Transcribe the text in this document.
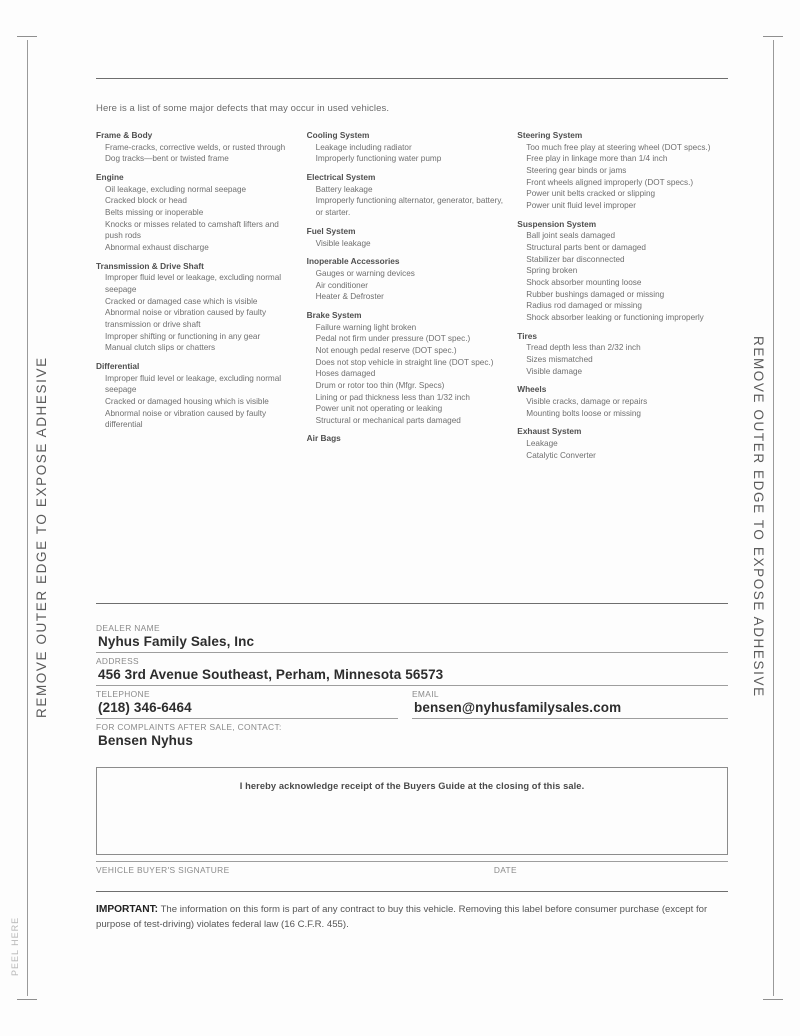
REMOVE OUTER EDGE TO EXPOSE ADHESIVE	REMOVE OUTER EDGE TO EXPOSE ADHESIVE
PEEL HERE
Here is a list of some major defects that may occur in used vehicles.
Frame & Body
Frame-cracks, corrective welds, or rusted through
Dog tracks—bent or twisted frame
Engine
Oil leakage, excluding normal seepage
Cracked block or head
Belts missing or inoperable
Knocks or misses related to camshaft lifters and push rods
Abnormal exhaust discharge
Transmission & Drive Shaft
Improper fluid level or leakage, excluding normal seepage
Cracked or damaged case which is visible
Abnormal noise or vibration caused by faulty transmission or drive shaft
Improper shifting or functioning in any gear
Manual clutch slips or chatters
Differential
Improper fluid level or leakage, excluding normal seepage
Cracked or damaged housing which is visible
Abnormal noise or vibration caused by faulty differential
Cooling System
Leakage including radiator
Improperly functioning water pump
Electrical System
Battery leakage
Improperly functioning alternator, generator, battery, or starter.
Fuel System
Visible leakage
Inoperable Accessories
Gauges or warning devices
Air conditioner
Heater & Defroster
Brake System
Failure warning light broken
Pedal not firm under pressure (DOT spec.)
Not enough pedal reserve (DOT spec.)
Does not stop vehicle in straight line (DOT spec.)
Hoses damaged
Drum or rotor too thin (Mfgr. Specs)
Lining or pad thickness less than 1/32 inch
Power unit not operating or leaking
Structural or mechanical parts damaged
Air Bags
Steering System
Too much free play at steering wheel (DOT specs.)
Free play in linkage more than 1/4 inch
Steering gear binds or jams
Front wheels aligned improperly (DOT specs.)
Power unit belts cracked or slipping
Power unit fluid level improper
Suspension System
Ball joint seals damaged
Structural parts bent or damaged
Stabilizer bar disconnected
Spring broken
Shock absorber mounting loose
Rubber bushings damaged or missing
Radius rod damaged or missing
Shock absorber leaking or functioning improperly
Tires
Tread depth less than 2/32 inch
Sizes mismatched
Visible damage
Wheels
Visible cracks, damage or repairs
Mounting bolts loose or missing
Exhaust System
Leakage
Catalytic Converter
DEALER NAME
Nyhus Family Sales, Inc
ADDRESS
456 3rd Avenue Southeast, Perham, Minnesota 56573
TELEPHONE
(218) 346-6464
EMAIL
bensen@nyhusfamilysales.com
FOR COMPLAINTS AFTER SALE, CONTACT:
Bensen Nyhus
I hereby acknowledge receipt of the Buyers Guide at the closing of this sale.
VEHICLE BUYER'S SIGNATURE	DATE
IMPORTANT: The information on this form is part of any contract to buy this vehicle. Removing this label before consumer purchase (except for purpose of test-driving) violates federal law (16 C.F.R. 455).
